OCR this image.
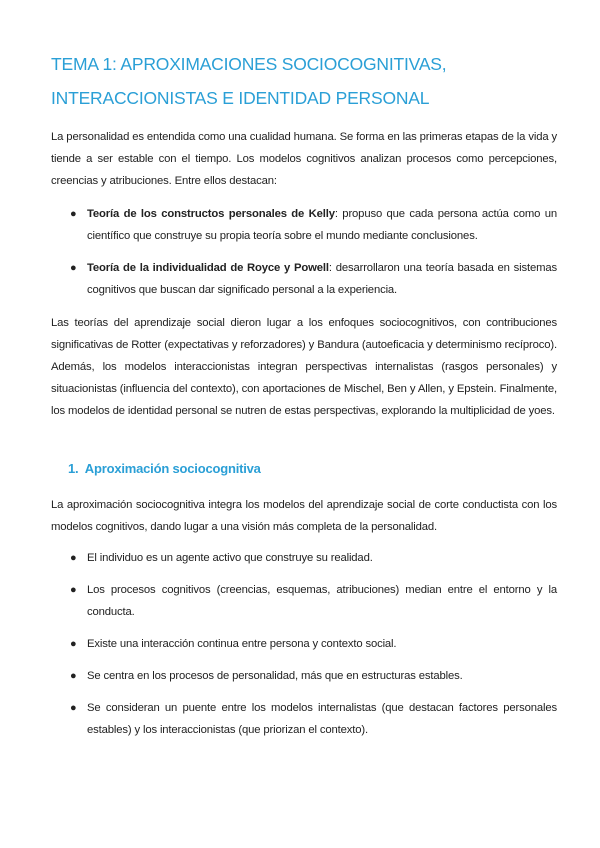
TEMA 1: APROXIMACIONES SOCIOCOGNITIVAS,
INTERACCIONISTAS E IDENTIDAD PERSONAL

La personalidad es entendida como una cualidad humana. Se forma en las primeras etapas de la vida y tiende a ser estable con el tiempo. Los modelos cognitivos analizan procesos como percepciones, creencias y atribuciones. Entre ellos destacan:

● Teoría de los constructos personales de Kelly: propuso que cada persona actúa como un científico que construye su propia teoría sobre el mundo mediante conclusiones.
● Teoría de la individualidad de Royce y Powell: desarrollaron una teoría basada en sistemas cognitivos que buscan dar significado personal a la experiencia.

Las teorías del aprendizaje social dieron lugar a los enfoques sociocognitivos, con contribuciones significativas de Rotter (expectativas y reforzadores) y Bandura (autoeficacia y determinismo recíproco). Además, los modelos interaccionistas integran perspectivas internalistas (rasgos personales) y situacionistas (influencia del contexto), con aportaciones de Mischel, Ben y Allen, y Epstein. Finalmente, los modelos de identidad personal se nutren de estas perspectivas, explorando la multiplicidad de yoes.

1. Aproximación sociocognitiva

La aproximación sociocognitiva integra los modelos del aprendizaje social de corte conductista con los modelos cognitivos, dando lugar a una visión más completa de la personalidad.

● El individuo es un agente activo que construye su realidad.
● Los procesos cognitivos (creencias, esquemas, atribuciones) median entre el entorno y la conducta.
● Existe una interacción continua entre persona y contexto social.
● Se centra en los procesos de personalidad, más que en estructuras estables.
● Se consideran un puente entre los modelos internalistas (que destacan factores personales estables) y los interaccionistas (que priorizan el contexto).
